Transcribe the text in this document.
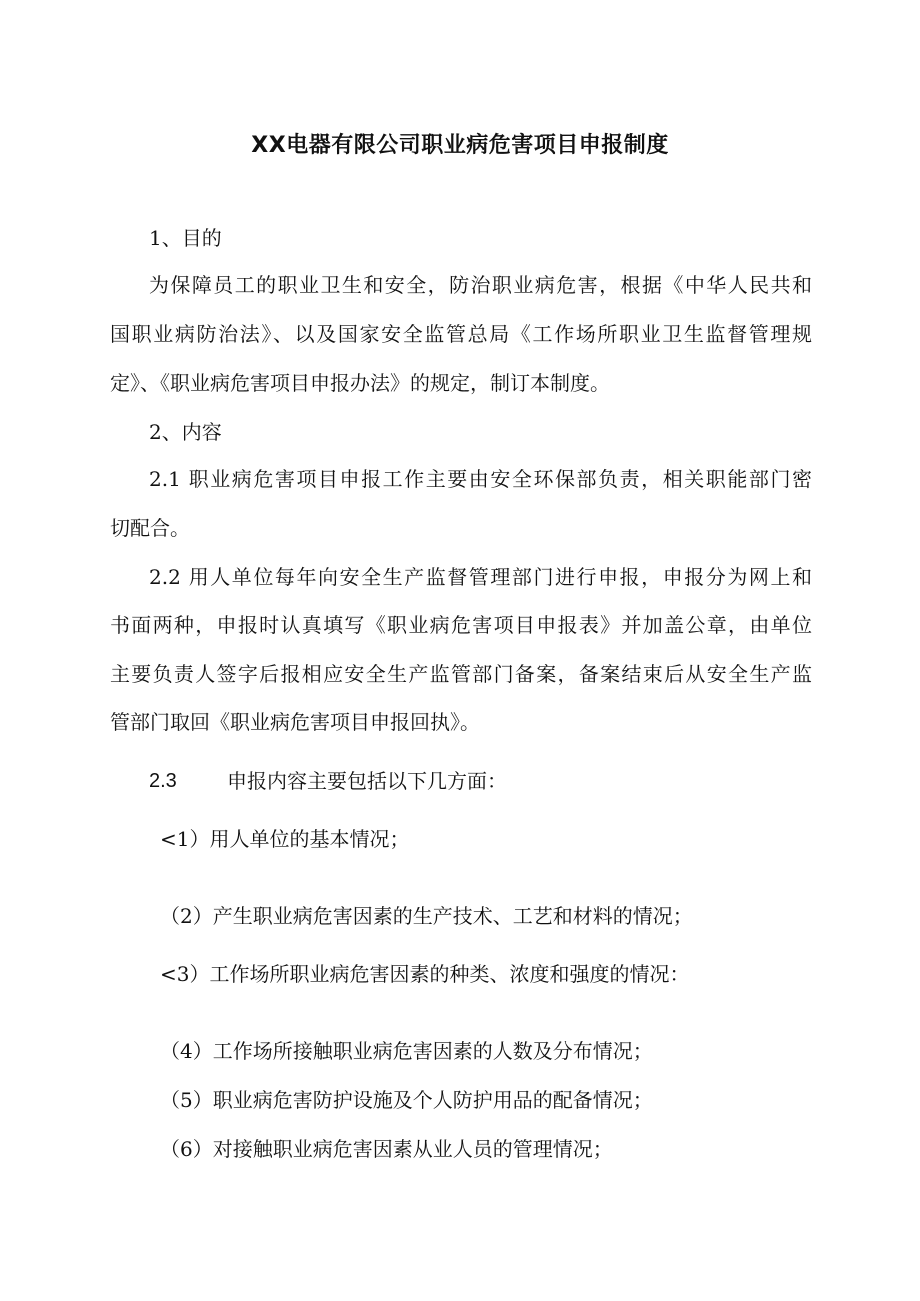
XX电器有限公司职业病危害项目申报制度
1、目的
为保障员工的职业卫生和安全，防治职业病危害，根据《中华人民共和
国职业病防治法》、以及国家安全监管总局《工作场所职业卫生监督管理规
定》、《职业病危害项目申报办法》的规定，制订本制度。
2、内容
2.1 职业病危害项目申报工作主要由安全环保部负责，相关职能部门密
切配合。
2.2 用人单位每年向安全生产监督管理部门进行申报，申报分为网上和
书面两种，申报时认真填写《职业病危害项目申报表》并加盖公章，由单位
主要负责人签字后报相应安全生产监管部门备案，备案结束后从安全生产监
管部门取回《职业病危害项目申报回执》。
2.3	申报内容主要包括以下几方面：
<1）用人单位的基本情况；
（2）产生职业病危害因素的生产技术、工艺和材料的情况；
<3）工作场所职业病危害因素的种类、浓度和强度的情况：
（4）工作场所接触职业病危害因素的人数及分布情况；
（5）职业病危害防护设施及个人防护用品的配备情况；
（6）对接触职业病危害因素从业人员的管理情况；
